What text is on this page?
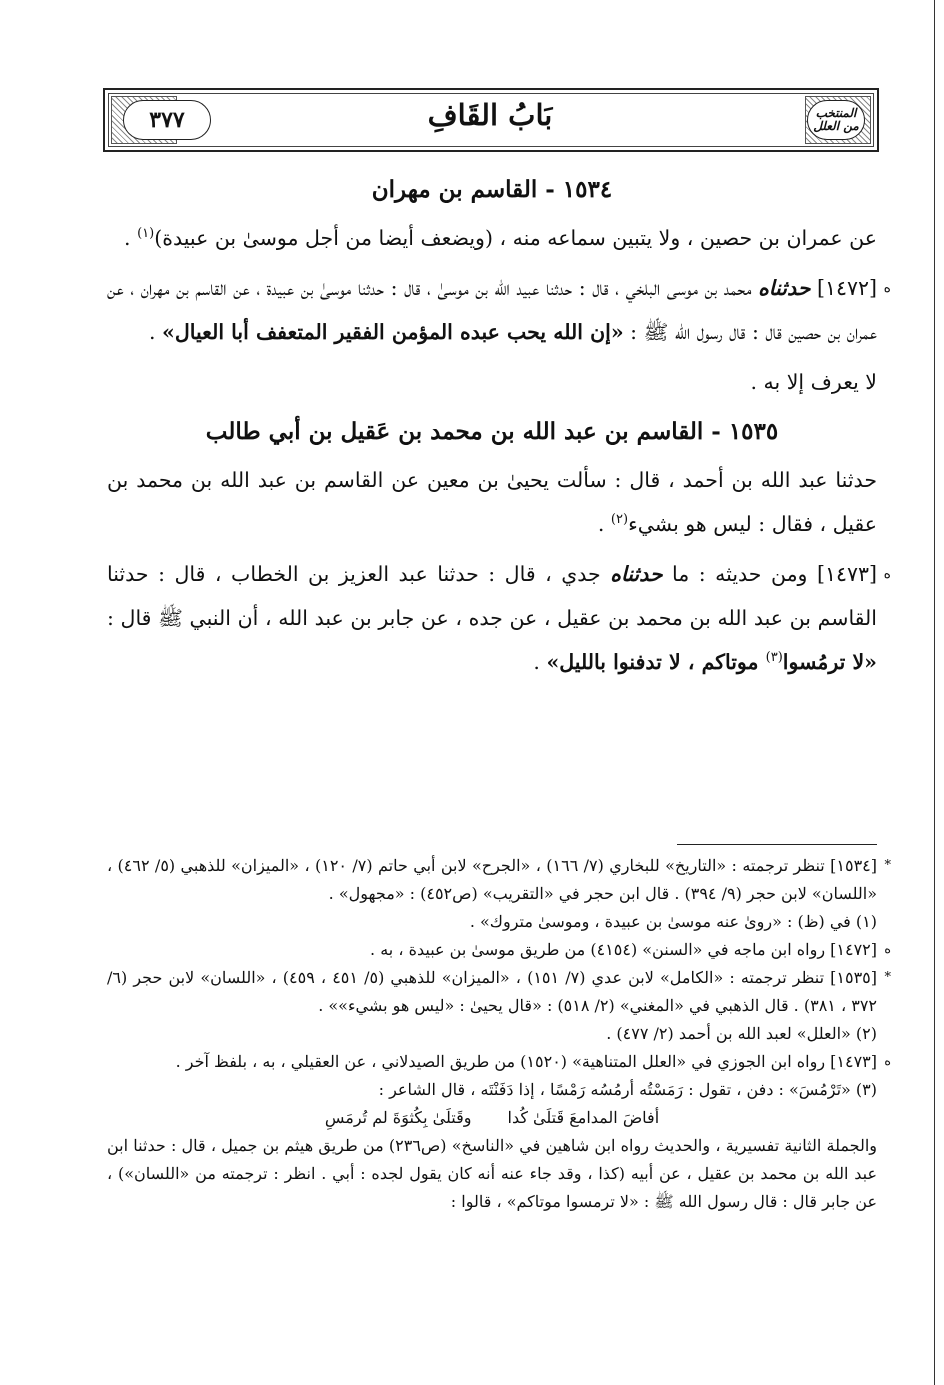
٣٧٧	بَابُ القَافِ	المنتخب من العلل

١٥٣٤ - القاسم بن مهران

عن عمران بن حصين ، ولا يتبين سماعه منه ، (ويضعف أيضا من أجل موسىٰ بن عبيدة)$^{(١)}$ .

ه
[١٤٧٢] حدثناه محمد بن موسى البلخي ، قال : حدثنا عبيد الله بن موسىٰ ، قال : حدثنا موسىٰ بن عبيدة ، عن القاسم بن مهران ، عن عمران بن حصين قال : قال رسول الله ﷺ : «إن الله يحب عبده المؤمن الفقير المتعفف أبا العيال» .

لا يعرف إلا به .

١٥٣٥ - القاسم بن عبد الله بن محمد بن عَقيل بن أبي طالب

حدثنا عبد الله بن أحمد ، قال : سألت يحيىٰ بن معين عن القاسم بن عبد الله بن محمد بن عقيل ، فقال : ليس هو بشيء$^{(٢)}$ .

ه
[١٤٧٣] ومن حديثه : ما حدثناه جدي ، قال : حدثنا عبد العزيز بن الخطاب ، قال : حدثنا القاسم بن عبد الله بن محمد بن عقيل ، عن جده ، عن جابر بن عبد الله ، أن النبي ﷺ قال : «لا ترمُسوا$^{(٣)}$ موتاكم ، لا تدفنوا بالليل» .

*
[١٥٣٤] تنظر ترجمته : «التاريخ» للبخاري (٧/ ١٦٦) ، «الجرح» لابن أبي حاتم (٧/ ١٢٠) ، «الميزان» للذهبي (٥/ ٤٦٢) ، «اللسان» لابن حجر (٩/ ٣٩٤) . قال ابن حجر في «التقريب» (ص٤٥٢) : «مجهول» .

(١) في (ظ) : «روىٰ عنه موسىٰ بن عبيدة ، وموسىٰ متروك» .

ه
[١٤٧٢] رواه ابن ماجه في «السنن» (٤١٥٤) من طريق موسىٰ بن عبيدة ، به .

*
[١٥٣٥] تنظر ترجمته : «الكامل» لابن عدي (٧/ ١٥١) ، «الميزان» للذهبي (٥/ ٤٥١ ، ٤٥٩) ، «اللسان» لابن حجر (٦/ ٣٧٢ ، ٣٨١) . قال الذهبي في «المغني» (٢/ ٥١٨) : «قال يحيىٰ : «ليس هو بشيء»» .

(٢) «العلل» لعبد الله بن أحمد (٢/ ٤٧٧) .

ه
[١٤٧٣] رواه ابن الجوزي في «العلل المتناهية» (١٥٢٠) من طريق الصيدلاني ، عن العقيلي ، به ، بلفظ آخر .

(٣) «تَرْمُسَ» : دفن ، تقول : رَمَسْتُه أرمُسُه رَمْسًا ، إذا دَفَنْتَه ، قال الشاعر :

أفاضَ المدامعَ قَتلَىٰ كُداوقَتلَىٰ بِكُثوَةَ لم تُرمَسِ

والجملة الثانية تفسيرية ، والحديث رواه ابن شاهين في «الناسخ» (ص٢٣٦) من طريق هيثم بن جميل ، قال : حدثنا ابن عبد الله بن محمد بن عقيل ، عن أبيه (كذا ، وقد جاء عنه أنه كان يقول لجده : أبي . انظر : ترجمته من «اللسان») ، عن جابر قال : قال رسول الله ﷺ : «لا ترمسوا موتاكم» ، قالوا :
